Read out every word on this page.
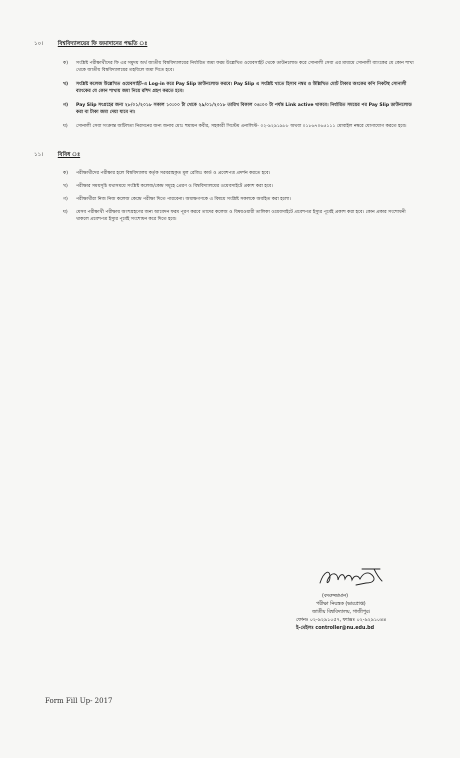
১০।	বিশ্ববিদ্যালয়ের ফি জমাদানের পদ্ধতি ঃ
ক)	সংশ্লিষ্ট পরীক্ষার্থীদের ফি এর সমুদয় অর্থ জাতীয় বিশ্ববিদ্যালয়ের নির্ধারিত জমা ফরম উল্লেখিত ওয়েবসাইট থেকে ডাউনলোড করে সোনালী সেবা এর মাধ্যমে সোনালী ব্যাংকের যে কোন শাখা থেকে জাতীয় বিশ্ববিদ্যালয়ের তহবিলে জমা দিতে হবে।
খ)	সংশ্লিষ্ট কলেজ উল্লেখিত ওয়েবসাইট-এ Log-in করে Pay Slip ডাউনলোড করবে। Pay Slip এ সংশ্লিষ্ট খাতে হিসাব নম্বর ও উল্লিখিত মোট টাকার অংকের কপি নিকটস্থ সোনালী ব্যাংকের যে কোন শাখায় জমা নিয়ে রশিদ গ্রহণ করতে হবে।
গ)	Pay Slip সংগ্রহের জন্য ২৮/০১/২০১৮ সকাল ১০:০০ টা থেকে ২৯/০১/২০১৮ তারিখ বিকাল ০৪:০০ টা পর্যন্ত Link active থাকবে। নির্ধারিত সময়ের পর Pay Slip ডাউনলোড করা বা টাকা জমা দেয়া যাবে না।
ঘ)	সোনালী সেবা সংক্রান্ত জটিলতা নিরসনের জন্য জনাব মোঃ হুমায়ন কবীর, সহকারী সিস্টেম এনালিস্ট- ০২-৯২৯১৯৮৮ অথবা ০১৮৬৭০৬৫১১১ মোবাইল নম্বরে যোগাযোগ করতে হবে।
১১।	বিবিধ ঃ
ক)	পরীক্ষার্থীদের পরীক্ষার হলে বিশ্ববিদ্যালয় কর্তৃক সরবরাহকৃত মূল রেজিঃ কার্ড ও প্রবেশপত্র প্রদর্শন করতে হবে।
খ)	পরীক্ষার সময়সূচি যথাসময়ে সংশ্লিষ্ট কলেজ/কেন্দ্র সমূহে প্রেরণ ও বিশ্ববিদ্যালয়ের ওয়েবসাইটে প্রকাশ করা হবে।
গ)	পরীক্ষার্থীরা নিজ নিজ কলেজ কেন্দ্রে পরীক্ষা দিতে পারবেনা। অধ্যক্ষগণকে এ বিষয়ে সংশ্লিষ্ট সকলকে অবহিত করা হলো।
ঘ)	যেসব পরীক্ষার্থী পরীক্ষায় অংশগ্রহণের জন্য আবেদন ফরম পূরণ করবে তাদের কলেজ ও বিষয়ওয়ারী তালিকা ওয়েবসাইটে প্রবেশপত্র ইস্যুর পূর্বেই প্রকাশ করা হবে। কোন প্রকার সংশোধনী থাকলে প্রবেশপত্র ইস্যুর পূর্বেই সংশোধন করে দিতে হবে।
(বদরুজ্জামান)
পরীক্ষা নিয়ন্ত্রক (ভারপ্রাপ্ত)
জাতীয় বিশ্ববিদ্যালয়, গাজীপুর।
ফোনঃ ০২-৯২৯১০৫৭, ফ্যাক্সঃ ০২-৯২৯১০৪৪
ই-মেইলঃ controller@nu.edu.bd
Form Fill Up- 2017
